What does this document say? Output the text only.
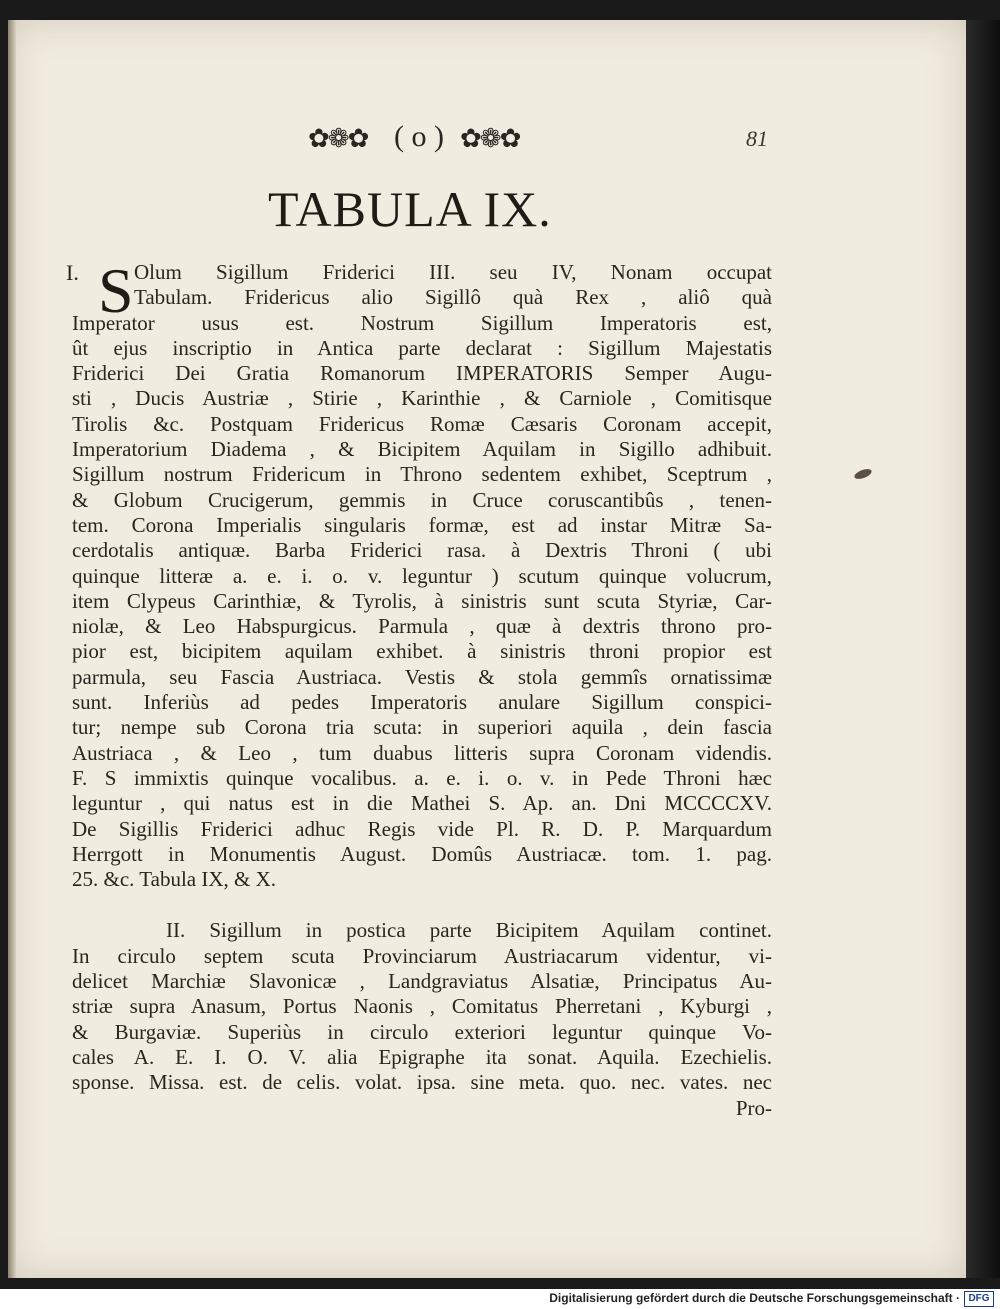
✿❁✿ ( o ) ✿❁✿	81
TABULA IX.
I. S Olum Sigillum Friderici III. seu IV, Nonam occupat
Tabulam. Fridericus alio Sigillô quà Rex , aliô quà
Imperator usus est. Nostrum Sigillum Imperatoris est,
ût ejus inscriptio in Antica parte declarat : Sigillum Majestatis
Friderici Dei Gratia Romanorum IMPERATORIS Semper Augu-
sti , Ducis Austriæ , Stirie , Karinthie , & Carniole , Comitisque
Tirolis &c. Postquam Fridericus Romæ Cæsaris Coronam accepit,
Imperatorium Diadema , & Bicipitem Aquilam in Sigillo adhibuit.
Sigillum nostrum Fridericum in Throno sedentem exhibet, Sceptrum ,
& Globum Crucigerum, gemmis in Cruce coruscantibûs , tenen-
tem. Corona Imperialis singularis formæ, est ad instar Mitræ Sa-
cerdotalis antiquæ. Barba Friderici rasa. à Dextris Throni ( ubi
quinque litteræ a. e. i. o. v. leguntur ) scutum quinque volucrum,
item Clypeus Carinthiæ, & Tyrolis, à sinistris sunt scuta Styriæ, Car-
niolæ, & Leo Habspurgicus. Parmula , quæ à dextris throno pro-
pior est, bicipitem aquilam exhibet. à sinistris throni propior est
parmula, seu Fascia Austriaca. Vestis & stola gemmîs ornatissimæ
sunt. Inferiùs ad pedes Imperatoris anulare Sigillum conspici-
tur; nempe sub Corona tria scuta: in superiori aquila , dein fascia
Austriaca , & Leo , tum duabus litteris supra Coronam videndis.
F. S immixtis quinque vocalibus. a. e. i. o. v. in Pede Throni hæc
leguntur , qui natus est in die Mathei S. Ap. an. Dni MCCCCXV.
De Sigillis Friderici adhuc Regis vide Pl. R. D. P. Marquardum
Herrgott in Monumentis August. Domûs Austriacæ. tom. 1. pag.
25. &c. Tabula IX, & X.
II. Sigillum in postica parte Bicipitem Aquilam continet.
In circulo septem scuta Provinciarum Austriacarum videntur, vi-
delicet Marchiæ Slavonicæ , Landgraviatus Alsatiæ, Principatus Au-
striæ supra Anasum, Portus Naonis , Comitatus Pherretani , Kyburgi ,
& Burgaviæ. Superiùs in circulo exteriori leguntur quinque Vo-
cales A. E. I. O. V. alia Epigraphe ita sonat. Aquila. Ezechielis.
sponse. Missa. est. de celis. volat. ipsa. sine meta. quo. nec. vates. nec
Pro-
Digitalisierung gefördert durch die Deutsche Forschungsgemeinschaft · DFG
